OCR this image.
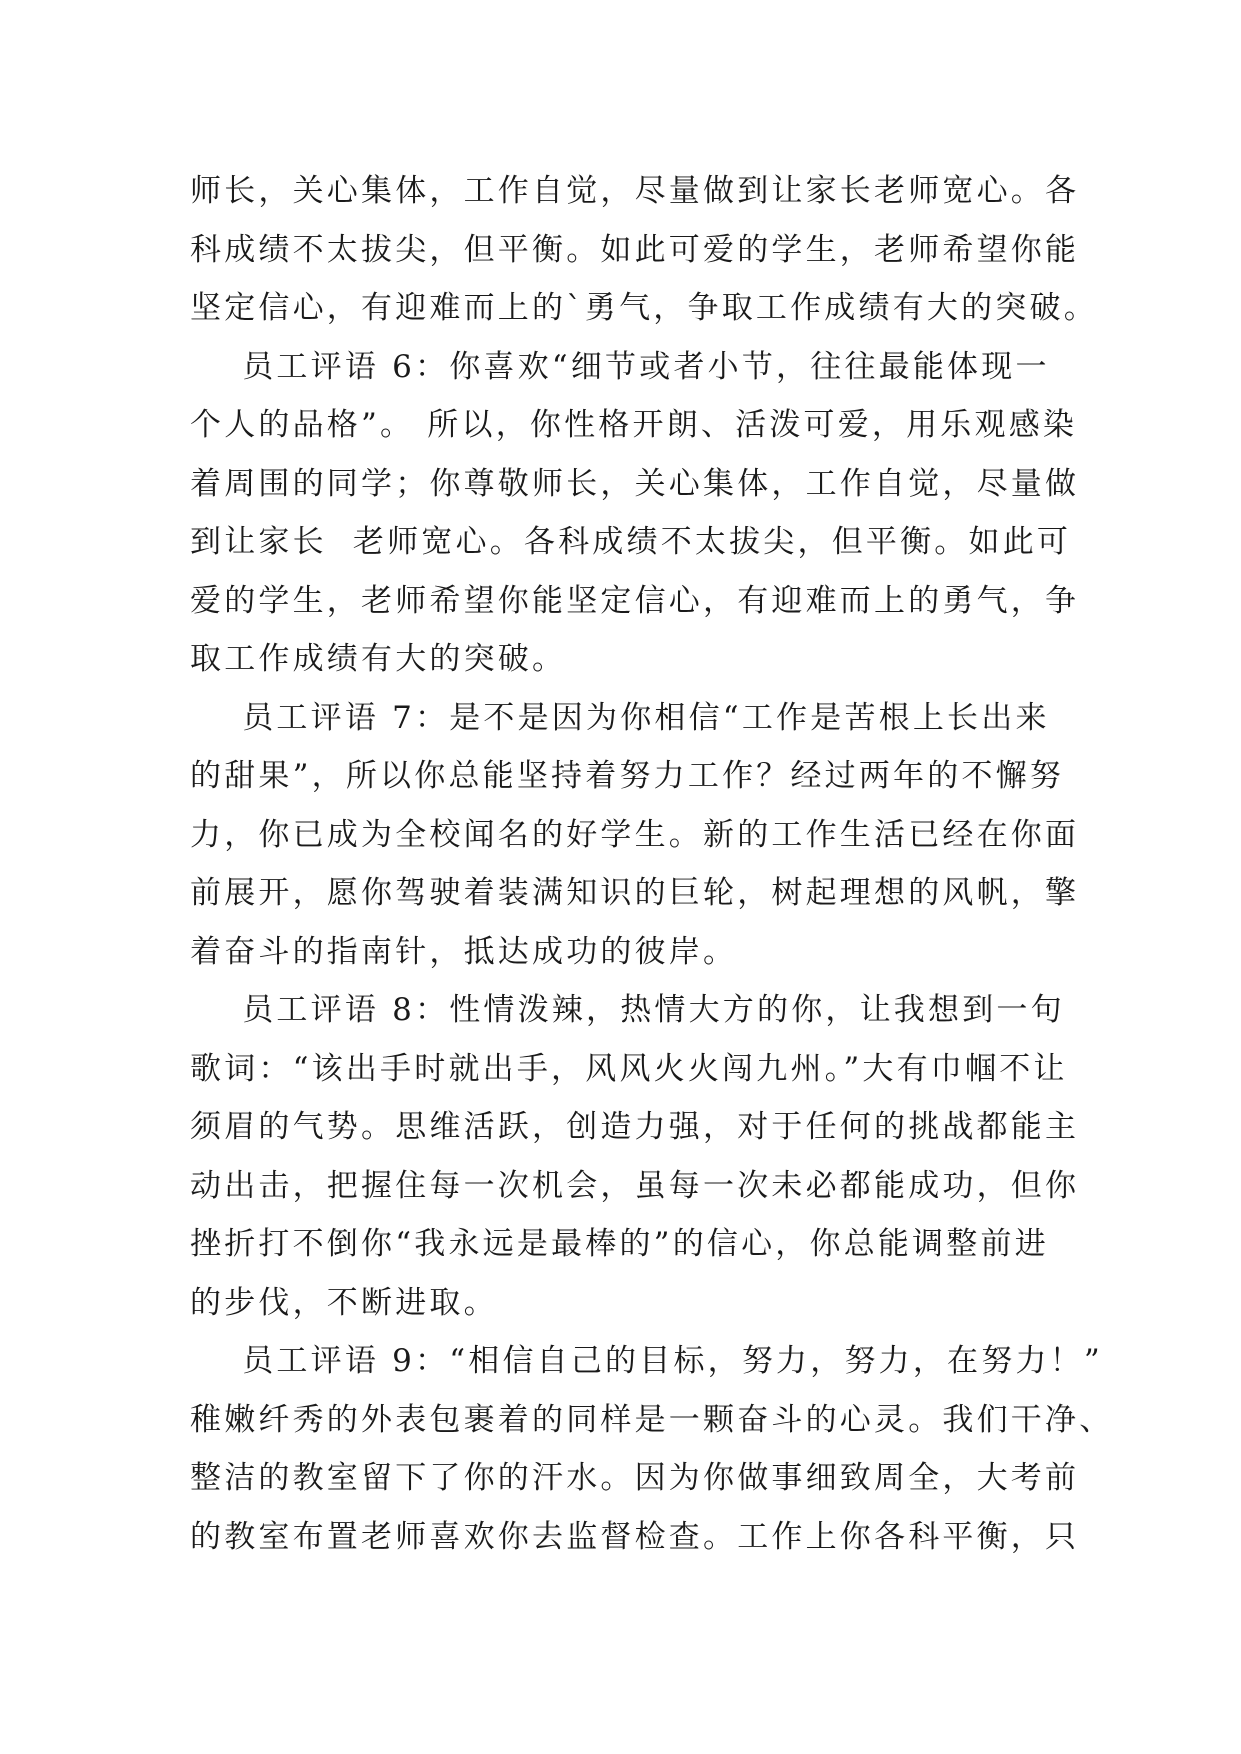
师长，关心集体，工作自觉，尽量做到让家长老师宽心。各
科成绩不太拔尖，但平衡。如此可爱的学生，老师希望你能
坚定信心，有迎难而上的`勇气，争取工作成绩有大的突破。
员工评语 6：你喜欢“细节或者小节，往往最能体现一
个人的品格”。 所以，你性格开朗、活泼可爱，用乐观感染
着周围的同学；你尊敬师长，关心集体，工作自觉，尽量做
到让家长  老师宽心。各科成绩不太拔尖，但平衡。如此可
爱的学生，老师希望你能坚定信心，有迎难而上的勇气，争
取工作成绩有大的突破。
员工评语 7：是不是因为你相信“工作是苦根上长出来
的甜果”，所以你总能坚持着努力工作？经过两年的不懈努
力，你已成为全校闻名的好学生。新的工作生活已经在你面
前展开，愿你驾驶着装满知识的巨轮，树起理想的风帆，擎
着奋斗的指南针，抵达成功的彼岸。
员工评语 8：性情泼辣，热情大方的你，让我想到一句
歌词：“该出手时就出手，风风火火闯九州。”大有巾帼不让
须眉的气势。思维活跃，创造力强，对于任何的挑战都能主
动出击，把握住每一次机会，虽每一次未必都能成功，但你
挫折打不倒你“我永远是最棒的”的信心，你总能调整前进
的步伐，不断进取。
员工评语 9：“相信自己的目标，努力，努力，在努力！”
稚嫩纤秀的外表包裹着的同样是一颗奋斗的心灵。我们干净、
整洁的教室留下了你的汗水。因为你做事细致周全，大考前
的教室布置老师喜欢你去监督检查。工作上你各科平衡，只
